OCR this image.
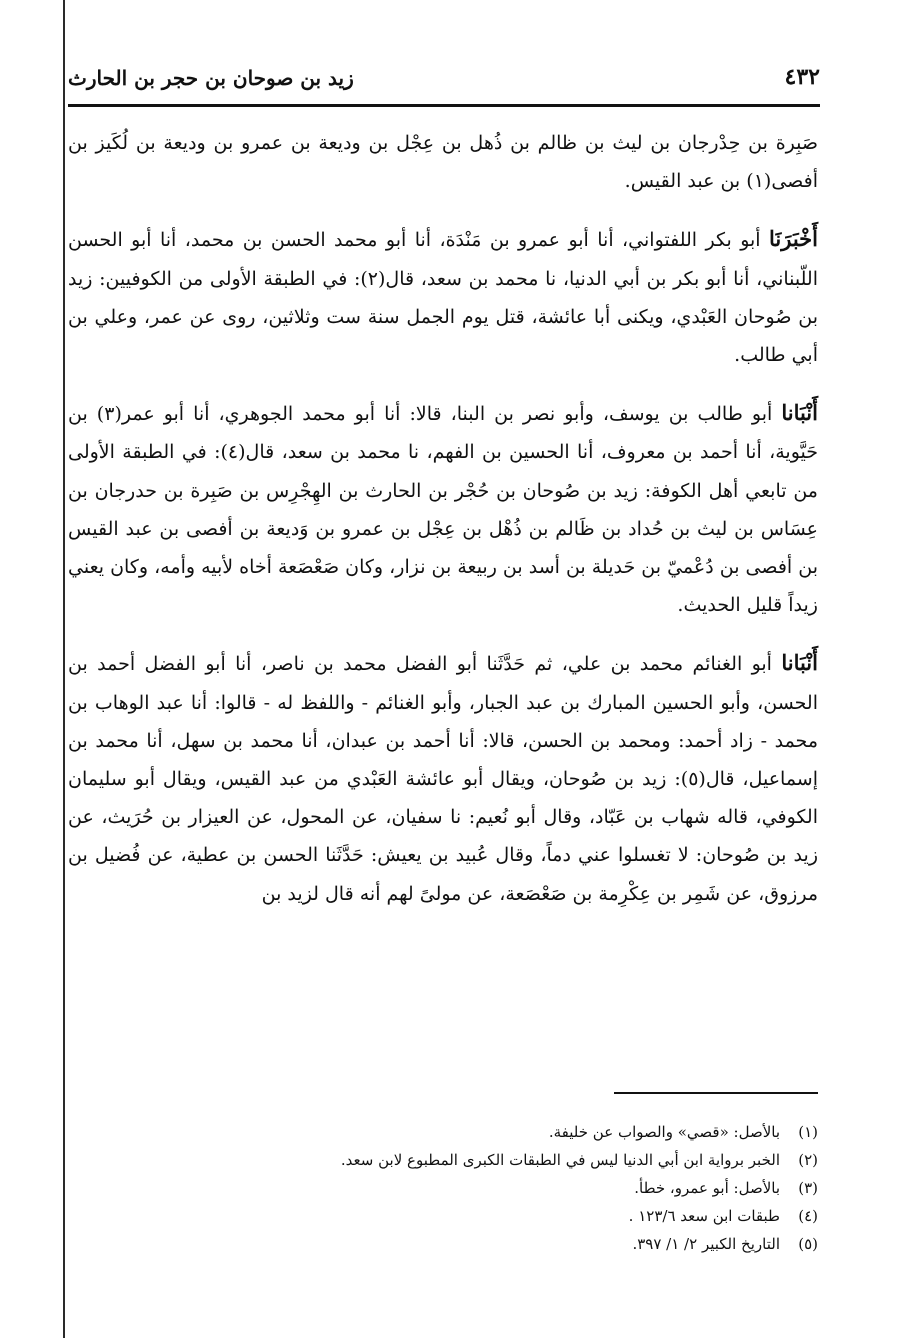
٤٣٢
زيد بن صوحان بن حجر بن الحارث

صَبِرة بن حِدْرجان بن ليث بن ظالم بن ذُهل بن عِجْل بن وديعة بن عمرو بن وديعة بن لُكَيز بن أفصى(١) بن عبد القيس.

أَخْبَرَنَا أبو بكر اللفتواني، أنا أبو عمرو بن مَنْدَة، أنا أبو محمد الحسن بن محمد، أنا أبو الحسن اللّبناني، أنا أبو بكر بن أبي الدنيا، نا محمد بن سعد، قال(٢): في الطبقة الأولى من الكوفيين: زيد بن صُوحان العَبْدي، ويكنى أبا عائشة، قتل يوم الجمل سنة ست وثلاثين، روى عن عمر، وعلي بن أبي طالب.

أَنْبَانا أبو طالب بن يوسف، وأبو نصر بن البنا، قالا: أنا أبو محمد الجوهري، أنا أبو عمر(٣) بن حَيَّوية، أنا أحمد بن معروف، أنا الحسين بن الفهم، نا محمد بن سعد، قال(٤): في الطبقة الأولى من تابعي أهل الكوفة: زيد بن صُوحان بن حُجْر بن الحارث بن الهِجْرِس بن صَبِرة بن حدرجان بن عِسَاس بن ليث بن حُداد بن ظَالم بن ذُهْل بن عِجْل بن عمرو بن وَديعة بن أفصى بن عبد القيس بن أفصى بن دُعْميّ بن حَديلة بن أسد بن ربيعة بن نزار، وكان صَعْصَعة أخاه لأبيه وأمه، وكان يعني زيداً قليل الحديث.

أَنْبَانا أبو الغنائم محمد بن علي، ثم حَدَّثَنا أبو الفضل محمد بن ناصر، أنا أبو الفضل أحمد بن الحسن، وأبو الحسين المبارك بن عبد الجبار، وأبو الغنائم - واللفظ له - قالوا: أنا عبد الوهاب بن محمد - زاد أحمد: ومحمد بن الحسن، قالا: أنا أحمد بن عبدان، أنا محمد بن سهل، أنا محمد بن إسماعيل، قال(٥): زيد بن صُوحان، ويقال أبو عائشة العَبْدي من عبد القيس، ويقال أبو سليمان الكوفي، قاله شهاب بن عَبّاد، وقال أبو نُعيم: نا سفيان، عن المحول، عن العيزار بن حُرَيث، عن زيد بن صُوحان: لا تغسلوا عني دماً، وقال عُبيد بن يعيش: حَدَّثَنا الحسن بن عطية، عن فُضيل بن مرزوق، عن شَمِر بن عِكْرِمة بن صَعْصَعة، عن مولىً لهم أنه قال لزيد بن

(١)
بالأصل: «قصي» والصواب عن خليفة.
(٢)
الخبر برواية ابن أبي الدنيا ليس في الطبقات الكبرى المطبوع لابن سعد.
(٣)
بالأصل: أبو عمرو، خطأ.
(٤)
طبقات ابن سعد ١٢٣/٦ .
(٥)
التاريخ الكبير ٢/ ١/ ٣٩٧.
